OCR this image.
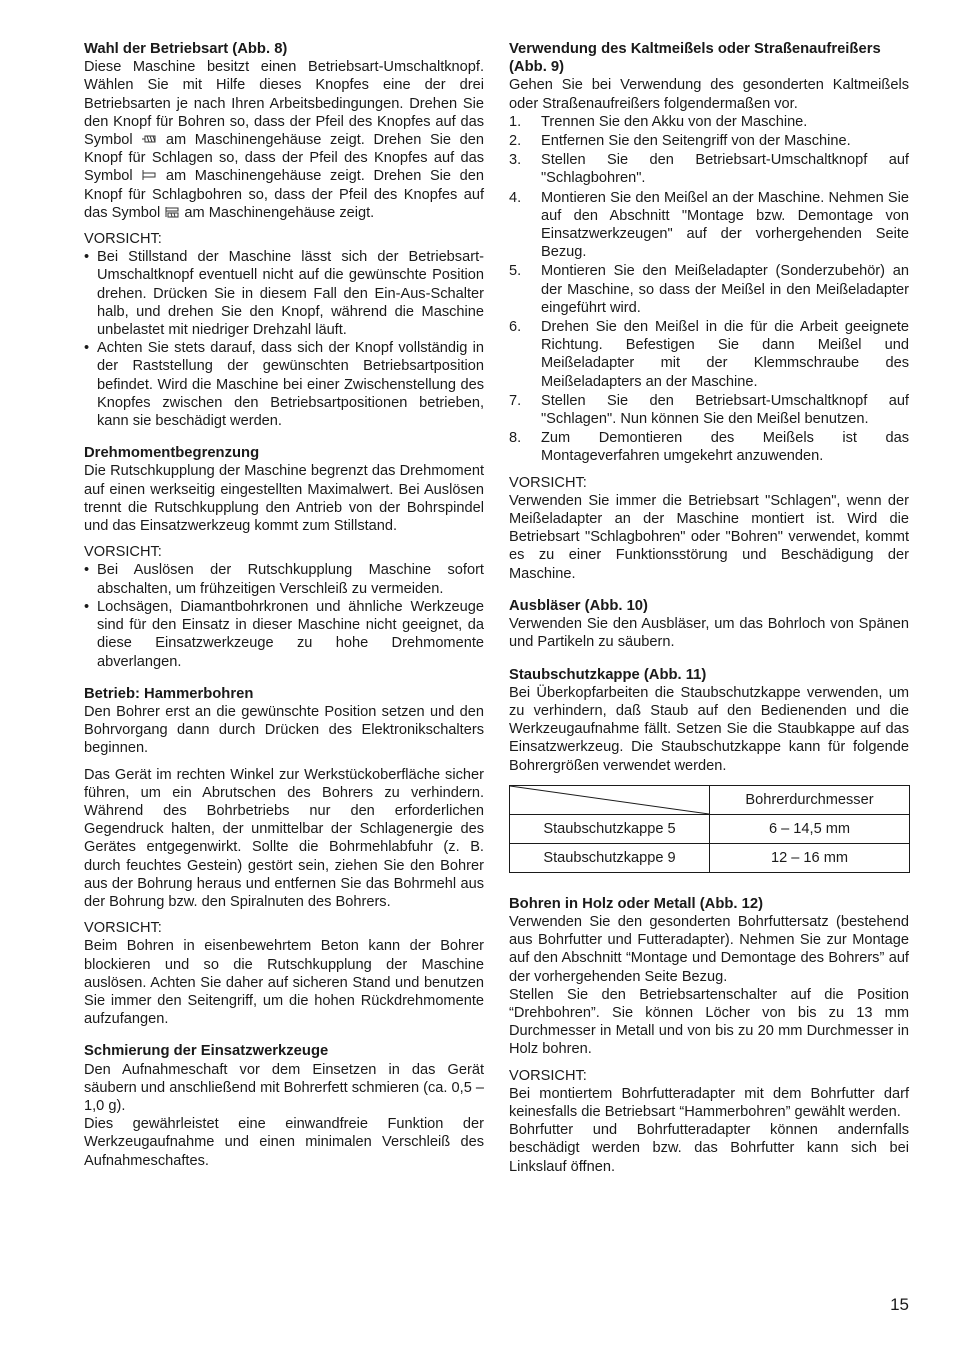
Wahl der Betriebsart (Abb. 8)

Diese Maschine besitzt einen Betriebsart-Umschaltknopf. Wählen Sie mit Hilfe dieses Knopfes eine der drei Betriebsarten je nach Ihren Arbeitsbedingungen. Drehen Sie den Knopf für Bohren so, dass der Pfeil des Knopfes auf das Symbol am Maschinengehäuse zeigt. Drehen Sie den Knopf für Schlagen so, dass der Pfeil des Knopfes auf das Symbol am Maschinengehäuse zeigt. Drehen Sie den Knopf für Schlagbohren so, dass der Pfeil des Knopfes auf das Symbol am Maschinengehäuse zeigt.

VORSICHT:

• Bei Stillstand der Maschine lässt sich der Betriebsart-Umschaltknopf eventuell nicht auf die gewünschte Position drehen. Drücken Sie in diesem Fall den Ein-Aus-Schalter halb, und drehen Sie den Knopf, während die Maschine unbelastet mit niedriger Drehzahl läuft.
• Achten Sie stets darauf, dass sich der Knopf vollständig in der Raststellung der gewünschten Betriebsartposition befindet. Wird die Maschine bei einer Zwischenstellung des Knopfes zwischen den Betriebsartpositionen betrieben, kann sie beschädigt werden.
Drehmomentbegrenzung

Die Rutschkupplung der Maschine begrenzt das Drehmoment auf einen werkseitig eingestellten Maximalwert. Bei Auslösen trennt die Rutschkupplung den Antrieb von der Bohrspindel und das Einsatzwerkzeug kommt zum Stillstand.

VORSICHT:

• Bei Auslösen der Rutschkupplung Maschine sofort abschalten, um frühzeitigen Verschleiß zu vermeiden.
• Lochsägen, Diamantbohrkronen und ähnliche Werkzeuge sind für den Einsatz in dieser Maschine nicht geeignet, da diese Einsatzwerkzeuge zu hohe Drehmomente abverlangen.
Betrieb: Hammerbohren

Den Bohrer erst an die gewünschte Position setzen und den Bohrvorgang dann durch Drücken des Elektronikschalters beginnen.

Das Gerät im rechten Winkel zur Werkstückoberfläche sicher führen, um ein Abrutschen des Bohrers zu verhindern. Während des Bohrbetriebs nur den erforderlichen Gegendruck halten, der unmittelbar der Schlagenergie des Gerätes entgegenwirkt. Sollte die Bohrmehlabfuhr (z. B. durch feuchtes Gestein) gestört sein, ziehen Sie den Bohrer aus der Bohrung heraus und entfernen Sie das Bohrmehl aus der Bohrung bzw. den Spiralnuten des Bohrers.

VORSICHT:

Beim Bohren in eisenbewehrtem Beton kann der Bohrer blockieren und so die Rutschkupplung der Maschine auslösen. Achten Sie daher auf sicheren Stand und benutzen Sie immer den Seitengriff, um die hohen Rückdrehmomente aufzufangen.

Schmierung der Einsatzwerkzeuge

Den Aufnahmeschaft vor dem Einsetzen in das Gerät säubern und anschließend mit Bohrerfett schmieren (ca. 0,5 – 1,0 g).

Dies gewährleistet eine einwandfreie Funktion der Werkzeugaufnahme und einen minimalen Verschleiß des Aufnahmeschaftes.

Verwendung des Kaltmeißels oder Straßenaufreißers (Abb. 9)

Gehen Sie bei Verwendung des gesonderten Kaltmeißels oder Straßenaufreißers folgendermaßen vor.

1. Trennen Sie den Akku von der Maschine.
2. Entfernen Sie den Seitengriff von der Maschine.
3. Stellen Sie den Betriebsart-Umschaltknopf auf "Schlagbohren".
4. Montieren Sie den Meißel an der Maschine. Nehmen Sie auf den Abschnitt "Montage bzw. Demontage von Einsatzwerkzeugen" auf der vorhergehenden Seite Bezug.
5. Montieren Sie den Meißeladapter (Sonderzubehör) an der Maschine, so dass der Meißel in den Meißeladapter eingeführt wird.
6. Drehen Sie den Meißel in die für die Arbeit geeignete Richtung. Befestigen Sie dann Meißel und Meißeladapter mit der Klemmschraube des Meißeladapters an der Maschine.
7. Stellen Sie den Betriebsart-Umschaltknopf auf "Schlagen". Nun können Sie den Meißel benutzen.
8. Zum Demontieren des Meißels ist das Montageverfahren umgekehrt anzuwenden.

VORSICHT:

Verwenden Sie immer die Betriebsart "Schlagen", wenn der Meißeladapter an der Maschine montiert ist. Wird die Betriebsart "Schlagbohren" oder "Bohren" verwendet, kommt es zu einer Funktionsstörung und Beschädigung der Maschine.

Ausbläser (Abb. 10)

Verwenden Sie den Ausbläser, um das Bohrloch von Spänen und Partikeln zu säubern.

Staubschutzkappe (Abb. 11)

Bei Überkopfarbeiten die Staubschutzkappe verwenden, um zu verhindern, daß Staub auf den Bedienenden und die Werkzeugaufnahme fällt. Setzen Sie die Staubkappe auf das Einsatzwerkzeug. Die Staubschutzkappe kann für folgende Bohrergrößen verwendet werden.

	Bohrerdurchmesser
Staubschutzkappe 5	6 – 14,5 mm
Staubschutzkappe 9	12 – 16 mm
Bohren in Holz oder Metall (Abb. 12)

Verwenden Sie den gesonderten Bohrfuttersatz (bestehend aus Bohrfutter und Futteradapter). Nehmen Sie zur Montage auf den Abschnitt “Montage und Demontage des Bohrers” auf der vorhergehenden Seite Bezug.

Stellen Sie den Betriebsartenschalter auf die Position “Drehbohren”. Sie können Löcher von bis zu 13 mm Durchmesser in Metall und von bis zu 20 mm Durchmesser in Holz bohren.

VORSICHT:

Bei montiertem Bohrfutteradapter mit dem Bohrfutter darf keinesfalls die Betriebsart “Hammerbohren” gewählt werden.

Bohrfutter und Bohrfutteradapter können andernfalls beschädigt werden bzw. das Bohrfutter kann sich bei Linkslauf öffnen.

15
